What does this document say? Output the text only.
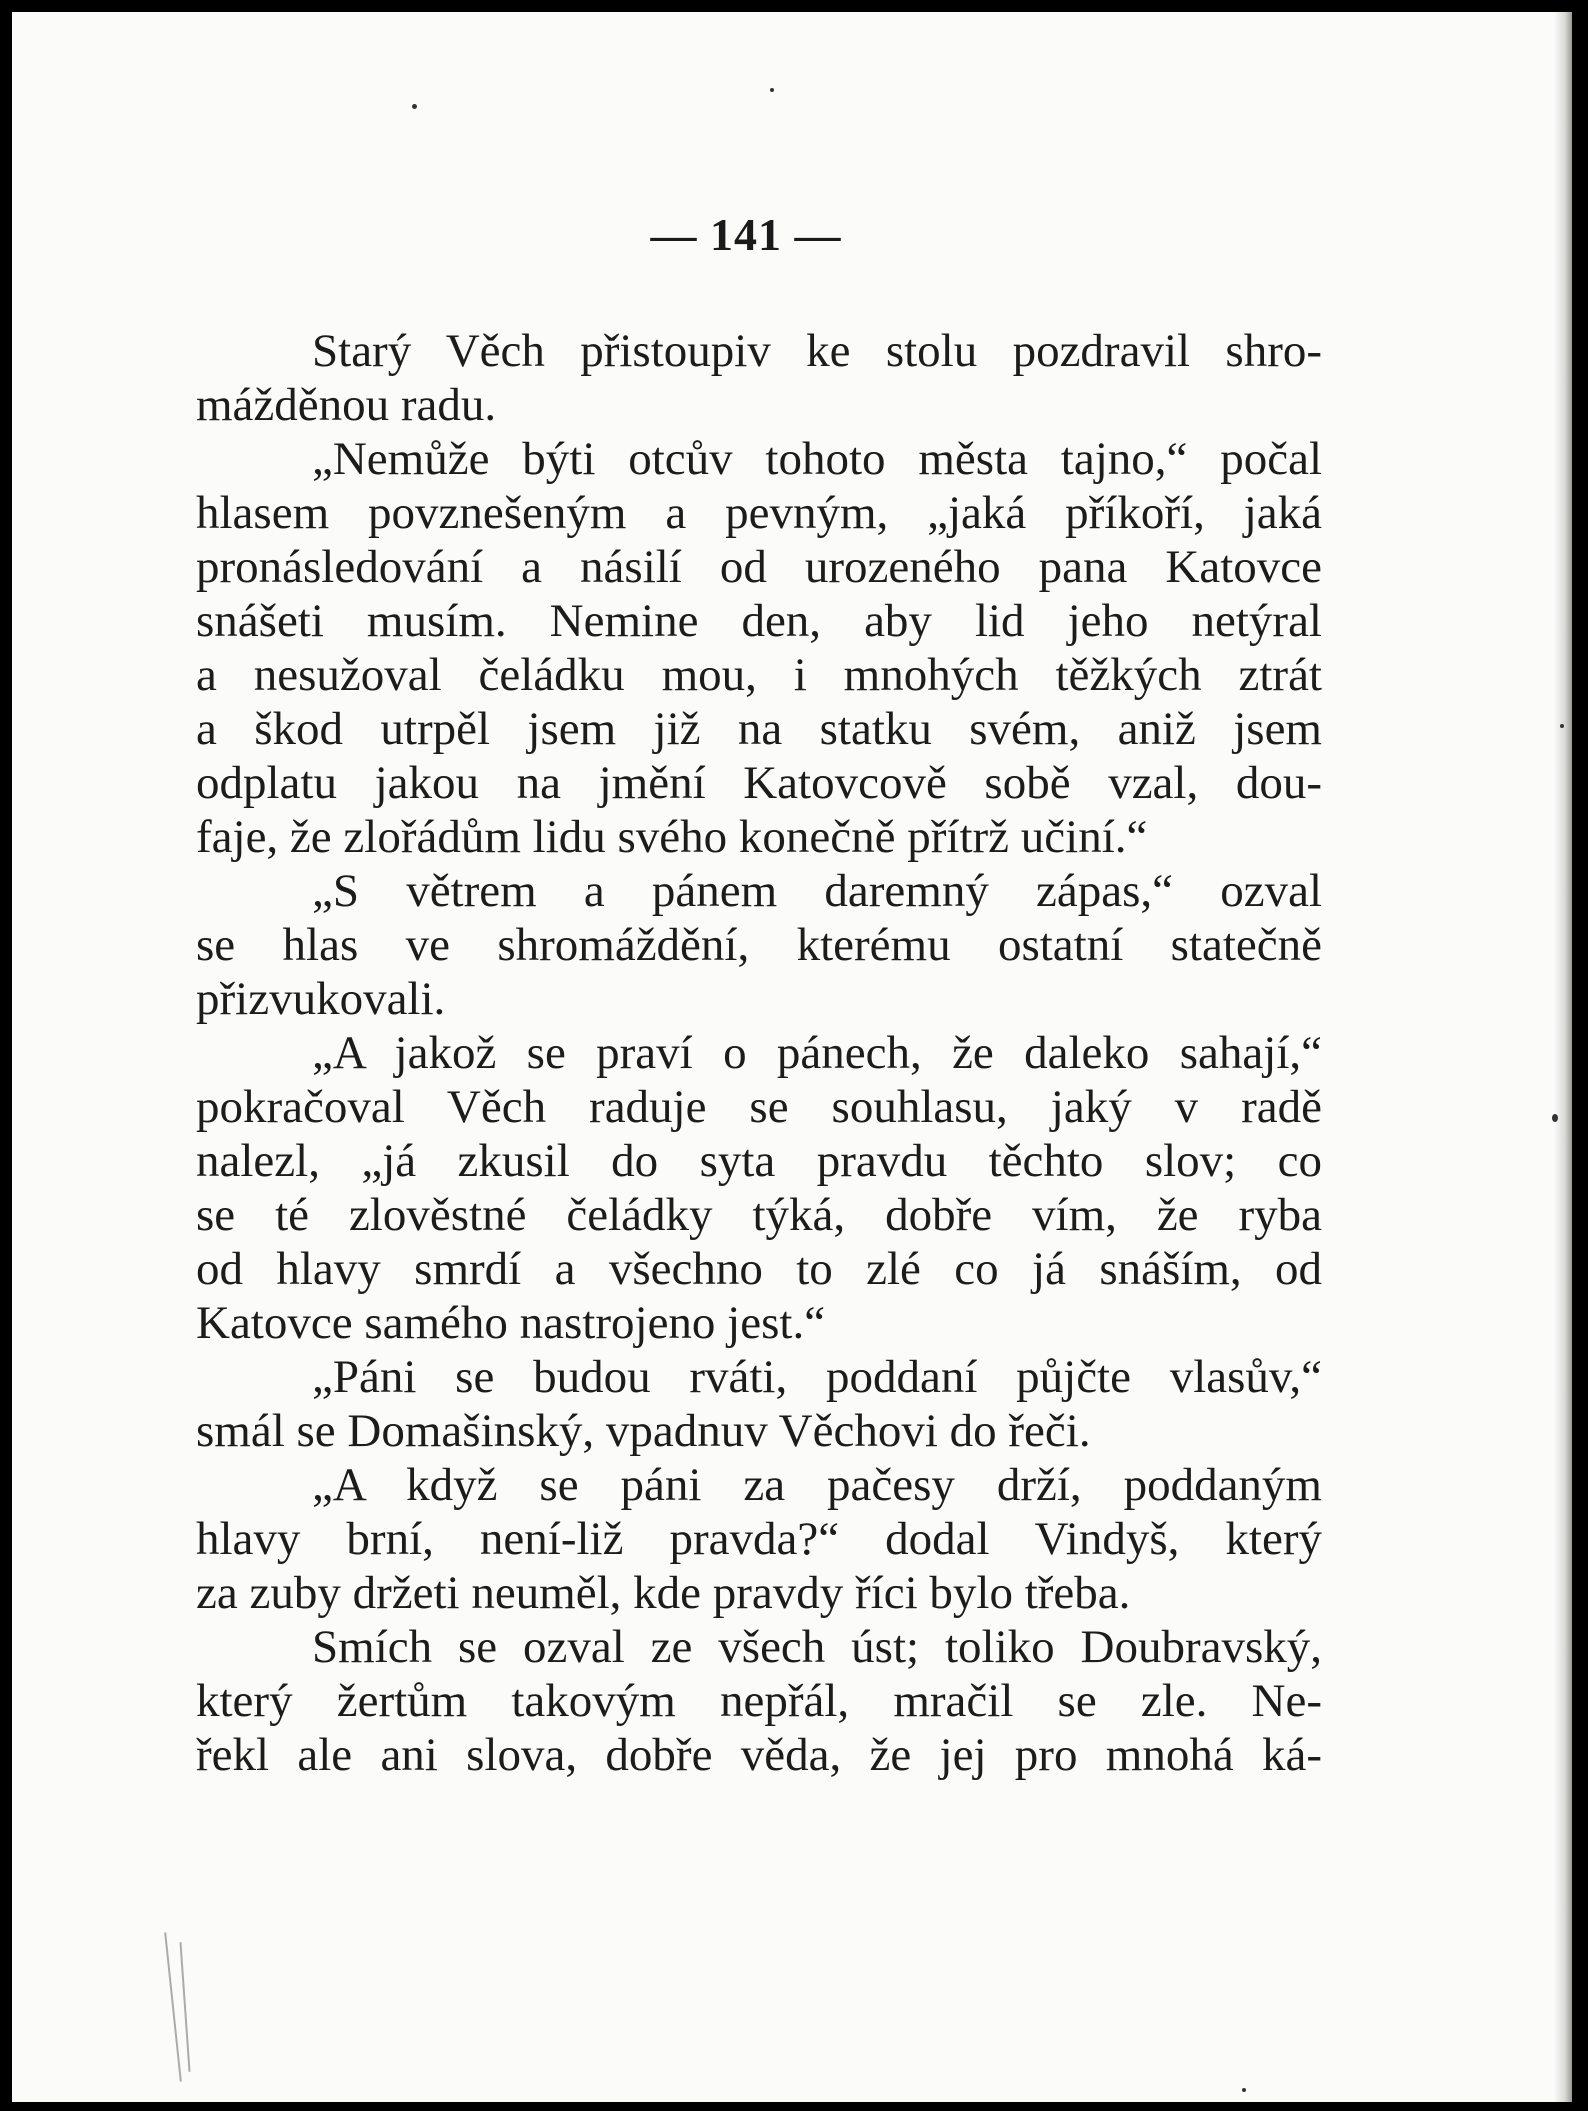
— 141 —
Starý Věch přistoupiv ke stolu pozdravil shro-
mážděnou radu.
„Nemůže býti otcův tohoto města tajno,“ počal
hlasem povznešeným a pevným, „jaká příkoří, jaká
pronásledování a násilí od urozeného pana Katovce
snášeti musím. Nemine den, aby lid jeho netýral
a nesužoval čeládku mou, i mnohých těžkých ztrát
a škod utrpěl jsem již na statku svém, aniž jsem
odplatu jakou na jmění Katovcově sobě vzal, dou-
faje, že zlořádům lidu svého konečně přítrž učiní.“
„S větrem a pánem daremný zápas,“ ozval
se hlas ve shromáždění, kterému ostatní statečně
přizvukovali.
„A jakož se praví o pánech, že daleko sahají,“
pokračoval Věch raduje se souhlasu, jaký v radě
nalezl, „já zkusil do syta pravdu těchto slov; co
se té zlověstné čeládky týká, dobře vím, že ryba
od hlavy smrdí a všechno to zlé co já snáším, od
Katovce samého nastrojeno jest.“
„Páni se budou rváti, poddaní půjčte vlasův,“
smál se Domašinský, vpadnuv Věchovi do řeči.
„A když se páni za pačesy drží, poddaným
hlavy brní, není-liž pravda?“ dodal Vindyš, který
za zuby držeti neuměl, kde pravdy říci bylo třeba.
Smích se ozval ze všech úst; toliko Doubravský,
který žertům takovým nepřál, mračil se zle. Ne-
řekl ale ani slova, dobře věda, že jej pro mnohá ká-
